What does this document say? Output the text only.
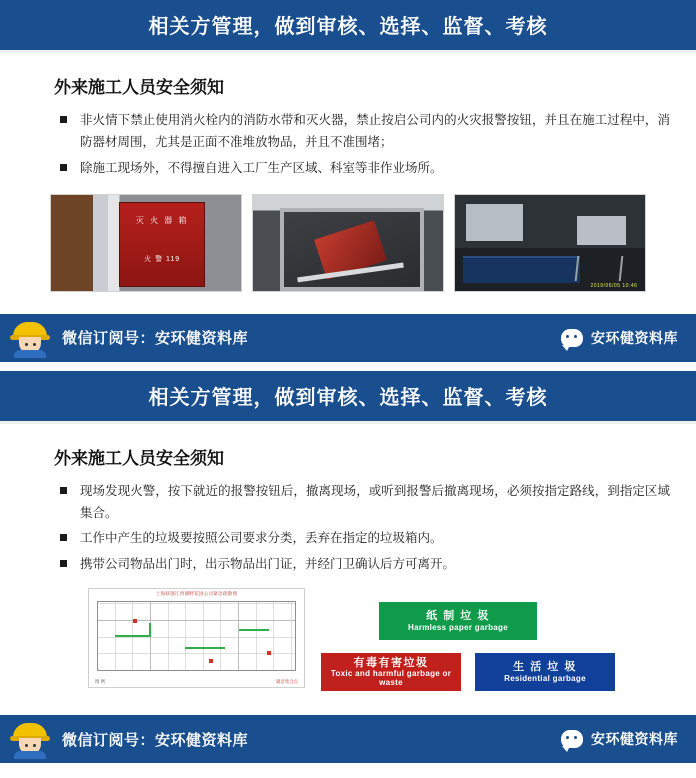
相关方管理，做到审核、选择、监督、考核
外来施工人员安全须知
非火情下禁止使用消火栓内的消防水带和灭火器，禁止按启公司内的火灾报警按钮，并且在施工过程中，消防器材周围，尤其是正面不准堆放物品，并且不准围堵；
除施工现场外，不得擅自进入工厂生产区域、科室等非作业场所。
灭 火 器 箱
火 警 119
2019/06/05 10:46
微信订阅号：安环健资料库	安环健资料库
相关方管理，做到审核、选择、监督、考核
外来施工人员安全须知
现场发现火警，按下就近的报警按钮后，撤离现场，或听到报警后撤离现场，必须按指定路线，到指定区域集合。
工作中产生的垃圾要按照公司要求分类，丢弃在指定的垃圾箱内。
携带公司物品出门时，出示物品出门证，并经门卫确认后方可离开。
上海联强江西湖畔花园公司紧急疏散图
图 例	紧急集合点
纸 制 垃 圾
Harmless paper garbage
有毒有害垃圾
Toxic and harmful garbage or waste
生 活 垃 圾
Residential garbage
微信订阅号：安环健资料库	安环健资料库
